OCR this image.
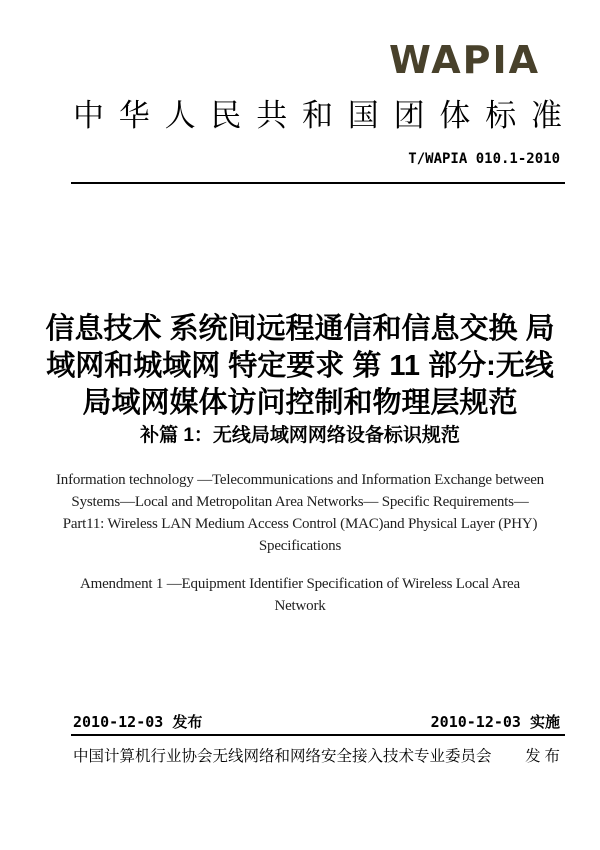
WAPIA
中华人民共和国团体标准
T/WAPIA 010.1-2010
信息技术 系统间远程通信和信息交换 局
域网和城域网 特定要求 第 11 部分:无线
局域网媒体访问控制和物理层规范
补篇 1：无线局域网网络设备标识规范
Information technology —Telecommunications and Information Exchange between
Systems—Local and Metropolitan Area Networks— Specific Requirements—
Part11: Wireless LAN Medium Access Control (MAC)and Physical Layer (PHY)
Specifications
Amendment 1 —Equipment Identifier Specification of Wireless Local Area
Network
2010-12-03 发布	2010-12-03 实施
中国计算机行业协会无线网络和网络安全接入技术专业委员会 发 布
